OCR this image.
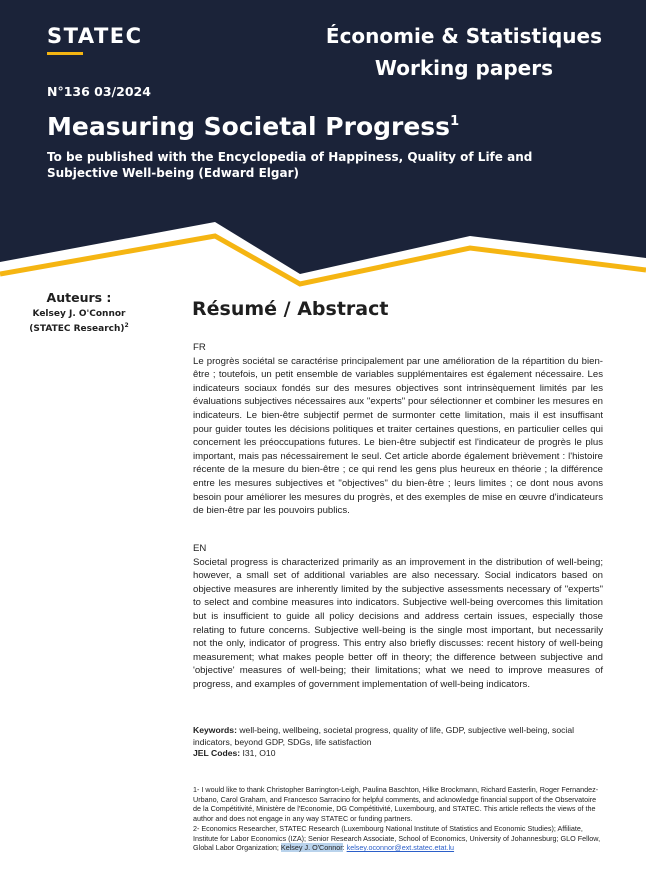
STATEC	Économie & Statistiques
Working papers
N°136 03/2024
Measuring Societal Progress$^1$
To be published with the Encyclopedia of Happiness, Quality of Life and Subjective Well-being (Edward Elgar)
Auteurs :
Kelsey J. O'Connor
(STATEC Research)$^2$
Résumé / Abstract
FR
Le progrès sociétal se caractérise principalement par une amélioration de la répartition du bien-être ; toutefois, un petit ensemble de variables supplémentaires est également nécessaire. Les indicateurs sociaux fondés sur des mesures objectives sont intrinsèquement limités par les évaluations subjectives nécessaires aux "experts" pour sélectionner et combiner les mesures en indicateurs. Le bien-être subjectif permet de surmonter cette limitation, mais il est insuffisant pour guider toutes les décisions politiques et traiter certaines questions, en particulier celles qui concernent les préoccupations futures. Le bien-être subjectif est l'indicateur de progrès le plus important, mais pas nécessairement le seul. Cet article aborde également brièvement : l'histoire récente de la mesure du bien-être ; ce qui rend les gens plus heureux en théorie ; la différence entre les mesures subjectives et "objectives" du bien-être ; leurs limites ; ce dont nous avons besoin pour améliorer les mesures du progrès, et des exemples de mise en œuvre d'indicateurs de bien-être par les pouvoirs publics.
EN
Societal progress is characterized primarily as an improvement in the distribution of well-being; however, a small set of additional variables are also necessary. Social indicators based on objective measures are inherently limited by the subjective assessments necessary of "experts" to select and combine measures into indicators. Subjective well-being overcomes this limitation but is insufficient to guide all policy decisions and address certain issues, especially those relating to future concerns. Subjective well-being is the single most important, but necessarily not the only, indicator of progress. This entry also briefly discusses: recent history of well-being measurement; what makes people better off in theory; the difference between subjective and 'objective' measures of well-being; their limitations; what we need to improve measures of progress, and examples of government implementation of well-being indicators.
Keywords: well-being, wellbeing, societal progress, quality of life, GDP, subjective well-being, social indicators, beyond GDP, SDGs, life satisfaction
JEL Codes: I31, O10

1- I would like to thank Christopher Barrington-Leigh, Paulina Baschton, Hilke Brockmann, Richard Easterlin, Roger Fernandez-Urbano, Carol Graham, and Francesco Sarracino for helpful comments, and acknowledge financial support of the Observatoire de la Compétitivité, Ministère de l'Economie, DG Compétitivité, Luxembourg, and STATEC. This article reflects the views of the author and does not engage in any way STATEC or funding partners.

2- Economics Researcher, STATEC Research (Luxembourg National Institute of Statistics and Economic Studies); Affiliate, Institute for Labor Economics (IZA); Senior Research Associate, School of Economics, University of Johannesburg; GLO Fellow, Global Labor Organization; Kelsey J. O'Connor: kelsey.oconnor@ext.statec.etat.lu
